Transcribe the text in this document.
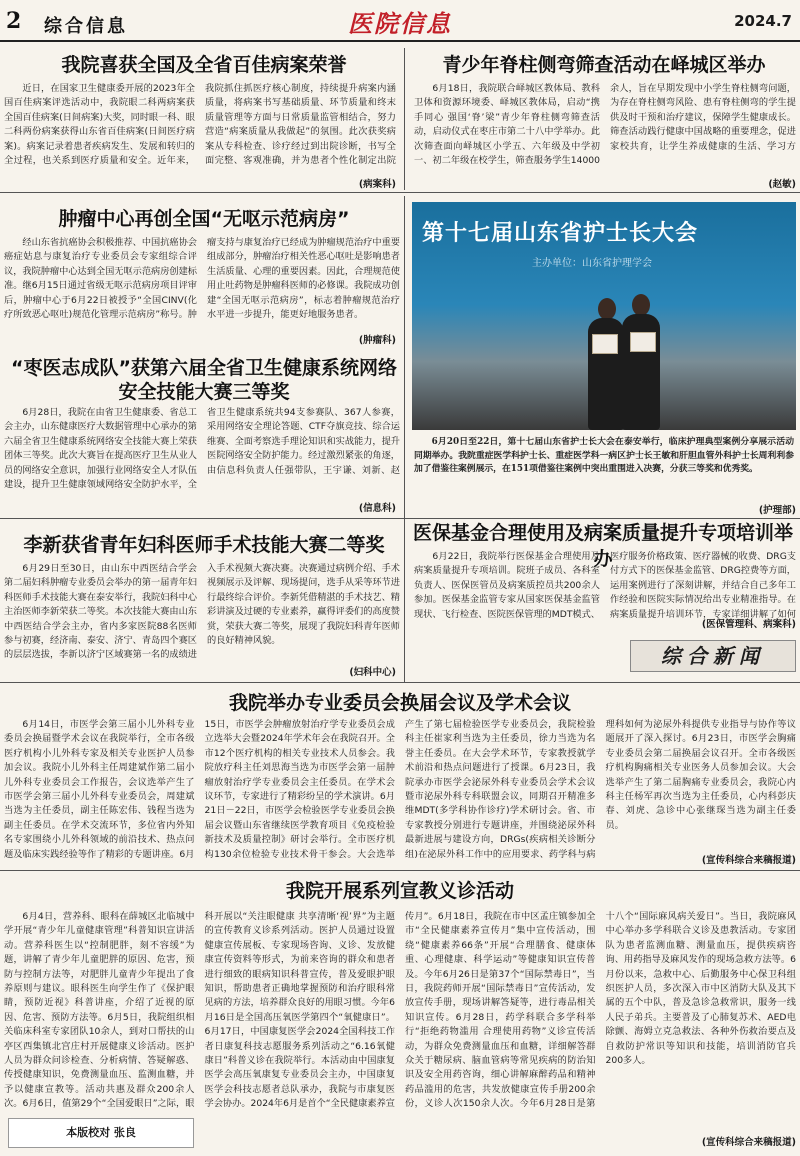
2	综合信息	医院信息	2024.7
我院喜获全国及全省百佳病案荣誉

近日，在国家卫生健康委开展的2023年全国百佳病案评选活动中，我院眼二科两病案获全国百佳病案(日间病案)大奖，同时眼一科、眼二科两份病案获得山东省百佳病案(日间医疗病案)。病案记录着患者疾病发生、发展和转归的全过程，也关系到医疗质量和安全。近年来，我院抓住抓医疗核心制度，持续提升病案内涵质量，将病案书写基础质量、环节质量和终末质量管理等方面与日常质量监管相结合，努力营造“病案质量从我做起”的氛围。此次获奖病案从专科检查、诊疗经过到出院诊断，书写全面完整、客观准确，并为患者个性化制定出院

(病案科)
青少年脊柱侧弯筛查活动在峄城区举办

6月18日，我院联合峄城区教体局、教科卫体和资源环境委、峄城区教体局，启动“携手同心 强国‘脊’梁”青少年脊柱侧弯筛查活动，启动仪式在枣庄市第二十八中学举办。此次筛查面向峄城区小学五、六年级及中学初一、初二年级在校学生，筛查服务学生14000余人，旨在早期发现中小学生脊柱侧弯问题，为存在脊柱侧弯风险、患有脊柱侧弯的学生提供及时干预和治疗建议，保障学生健康成长。筛查活动践行健康中国战略的重要理念，促进家校共育，让学生养成健康的生活、学习方

(赵敏)
肿瘤中心再创全国“无呕示范病房”

经山东省抗癌协会积极推荐、中国抗癌协会癌症姑息与康复治疗专业委员会专家组综合评议，我院肿瘤中心达到全国无呕示范病房创建标准。继6月15日通过省级无呕示范病房项目评审后，肿瘤中心于6月22日被授予“全国CINV(化疗所致恶心呕吐)规范化管理示范病房”称号。肿瘤支持与康复治疗已经成为肿瘤规范治疗中重要组成部分，肿瘤治疗相关性恶心呕吐是影响患者生活质量、心理的重要因素。因此，合理规范使用止吐药物是肿瘤科医师的必修课。我院成功创建“全国无呕示范病房”，标志着肿瘤规范治疗水平进一步提升，能更好地服务患者。

(肿瘤科)
“枣医志成队”获第六届全省卫生健康系统网络安全技能大赛三等奖

6月28日，我院在由省卫生健康委、省总工会主办，山东健康医疗大数据管理中心承办的第六届全省卫生健康系统网络安全技能大赛上荣获团体三等奖。此次大赛旨在提高医疗卫生从业人员的网络安全意识，加强行业网络安全人才队伍建设，提升卫生健康领域网络安全防护水平，全省卫生健康系统共94支参赛队、367人参赛，采用网络安全理论答题、CTF夺旗竞技、综合运维赛、全面考察选手理论知识和实战能力，提升医院网络安全防护能力。经过激烈紧张的角逐，由信息科负责人任强带队，王宇谦、刘新、赵

(信息科)
第十七届山东省护士长大会
主办单位：山东省护理学会
6月20日至22日，第十七届山东省护士长大会在泰安举行，临床护理典型案例分享展示活动同期举办。我院重症医学科护士长、重症医学科一病区护士长王敏和肝胆血管外科护士长周利利参加了借鉴往案例展示，在151项借鉴往案例中突出重围进入决赛，分获三等奖和优秀奖。
(护理部)
李新获省青年妇科医师手术技能大赛二等奖

6月29日至30日，由山东中西医结合学会第二届妇科肿瘤专业委员会举办的第一届青年妇科医师手术技能大赛在泰安举行，我院妇科中心主治医师李新荣获二等奖。本次技能大赛由山东中西医结合学会主办，省内多家医院88名医师参与初赛，经济南、泰安、济宁、青岛四个赛区的层层选拔，李新以济宁区域赛第一名的成绩进入手术视频大赛决赛。决赛通过病例介绍、手术视频展示及评解、现场提问，选手从采等环节进行最终综合评价。李新凭借精湛的手术技艺、精彩讲演及过硬的专业素养，赢得评委们的高度赞赏，荣获大赛二等奖，展现了我院妇科青年医师的良好精神风貌。

(妇科中心)
医保基金合理使用及病案质量提升专项培训举办

6月22日，我院举行医保基金合理使用及病案质量提升专项培训。院班子成员、各科室负责人、医保医管员及病案质控员共200余人参加。医保基金监管专家从国家医保基金监管现状、飞行检查、医院医保管理的MDT模式、医疗服务价格政策、医疗器械的收费、DRG支付方式下的医保基金监管、DRG控费等方面，运用案例进行了深刻讲解，并结合自己多年工作经验和医院实际情况给出专业精准指导。在病案质量提升培训环节，专家详细讲解了如何

(医保管理科、病案科)
综合新闻
我院举办专业委员会换届会议及学术会议

6月14日，市医学会第三届小儿外科专业委员会换届暨学术会议在我院举行，全市各级医疗机构小儿外科专家及相关专业医护人员参加会议。我院小儿外科主任周建斌作第二届小儿外科专业委员会工作报告，会议选举产生了市医学会第三届小儿外科专业委员会，周建斌当选为主任委员，副主任陈宏伟、钱程当选为副主任委员。在学术交流环节，多位省内外知名专家围绕小儿外科领域的前沿技术、热点问题及临床实践经验等作了精彩的专题讲座。6月15日，市医学会肿瘤放射治疗学专业委员会成立选举大会暨2024年学术年会在我院召开。全市12个医疗机构的相关专业技术人员参会。我院放疗科主任刘思海当选为市医学会第一届肿瘤放射治疗学专业委员会主任委员。在学术会议环节，专家进行了精彩纷呈的学术演讲。6月21日－22日，市医学会检验医学专业委员会换届会议暨山东省继续医学教育项目《免疫检验新技术及质量控制》研讨会举行。全市医疗机构130余位检验专业技术骨干参会。大会选举产生了第七届检验医学专业委员会，我院检验科主任崔家利当选为主任委员，徐力当选为名誉主任委员。在大会学术环节，专家教授就学术前沿和热点问题进行了授课。6月23日，我院承办市医学会泌尿外科专业委员会学术会议暨市泌尿外科专科联盟会议，同期召开精准多维MDT(多学科协作诊疗)学术研讨会。省、市专家教授分别进行专题讲座，并围绕泌尿外科最新进展与建设方向，DRGs(疾病相关诊断分组)在泌尿外科工作中的应用要求、药学科与病理科如何为泌尿外科提供专业指导与协作等议题展开了深入探讨。6月23日，市医学会胸痛专业委员会第二届换届会议召开。全市各级医疗机构胸痛相关专业医务人员参加会议。大会选举产生了第二届胸痛专业委员会，我院心内科主任杨军再次当选为主任委员，心内科彭庆春、刘虎、急诊中心张继琛当选为副主任委员。

(宣传科综合来稿报道)
我院开展系列宣教义诊活动

6月4日，营养科、眼科在薛城区北临城中学开展“青少年儿童健康管理”科普知识宣讲活动。营养科医生以“控制肥胖，刻不容缓”为题，讲解了青少年儿童肥胖的原因、危害，预防与控制方法等，对肥胖儿童青少年提出了食养原则与建议。眼科医生向学生作了《保护眼睛，预防近视》科普讲座，介绍了近视的原因、危害、预防方法等。6月5日，我院组织相关临床科室专家团队10余人，到对口帮扶的山亭区西集镇北宫庄村开展健康义诊活动。医护人员为群众问诊检查、分析病情、答疑解惑、传授健康知识，免费测量血压、监测血糖，并予以健康宣教等。活动共惠及群众200余人次。6月6日，值第29个“全国爱眼日”之际，眼科开展以“关注眼健康 共享清晰‘视’界”为主题的宣传教育义诊系列活动。医护人员通过设置健康宣传展板、专家现场咨询、义诊、发放健康宣传资料等形式，为前来咨询的群众和患者进行细致的眼病知识科普宣传，普及爱眼护眼知识，帮助患者正确地掌握预防和治疗眼科常见病的方法，培养群众良好的用眼习惯。今年6月16日是全国高压氧医学第四个“氧健康日”。6月17日，中国康复医学会2024全国科技工作者日康复科技志愿服务系列活动之“6.16氧健康日”科普义诊在我院举行。本活动由中国康复医学会高压氧康复专业委员会主办，中国康复医学会科技志愿者总队承办，我院与市康复医学会协办。2024年6月是首个“全民健康素养宣传月”。6月18日，我院在市中区孟庄镇参加全市“全民健康素养宣传月”集中宣传活动，围绕“健康素养66条”开展“合理膳食、健康体重、心理健康、科学运动”等健康知识宣传普及。今年6月26日是第37个“国际禁毒日”，当日，我院药师开展“国际禁毒日”宣传活动，发放宣传手册，现场讲解答疑等，进行毒品相关知识宣传。6月28日，药学科联合多学科举行“拒绝药物滥用 合理使用药物”义诊宣传活动，为群众免费测量血压和血糖，详细解答群众关于糖尿病、脑血管病等常见疾病的防治知识及安全用药咨询，细心讲解麻醉药品和精神药品滥用的危害，共发放健康宣传手册200余份，义诊人次150余人次。今年6月28日是第十八个“国际麻风病关爱日”。当日，我院麻风中心举办多学科联合义诊及患教活动。专家团队为患者监测血糖、测量血压，提供疾病咨询、用药指导及麻风发作的现场急救方法等。6月份以来，急救中心、后勤服务中心保卫科组织医护人员，多次深入市中区消防大队及其下属的五个中队，普及急诊急救常识，服务一线人民子弟兵。主要普及了心肺复苏术、AED电除颤、海姆立克急救法、各种外伤救治要点及自救防护常识等知识和技能，培训消防官兵200多人。

(宣传科综合来稿报道)
本版校对 张良
